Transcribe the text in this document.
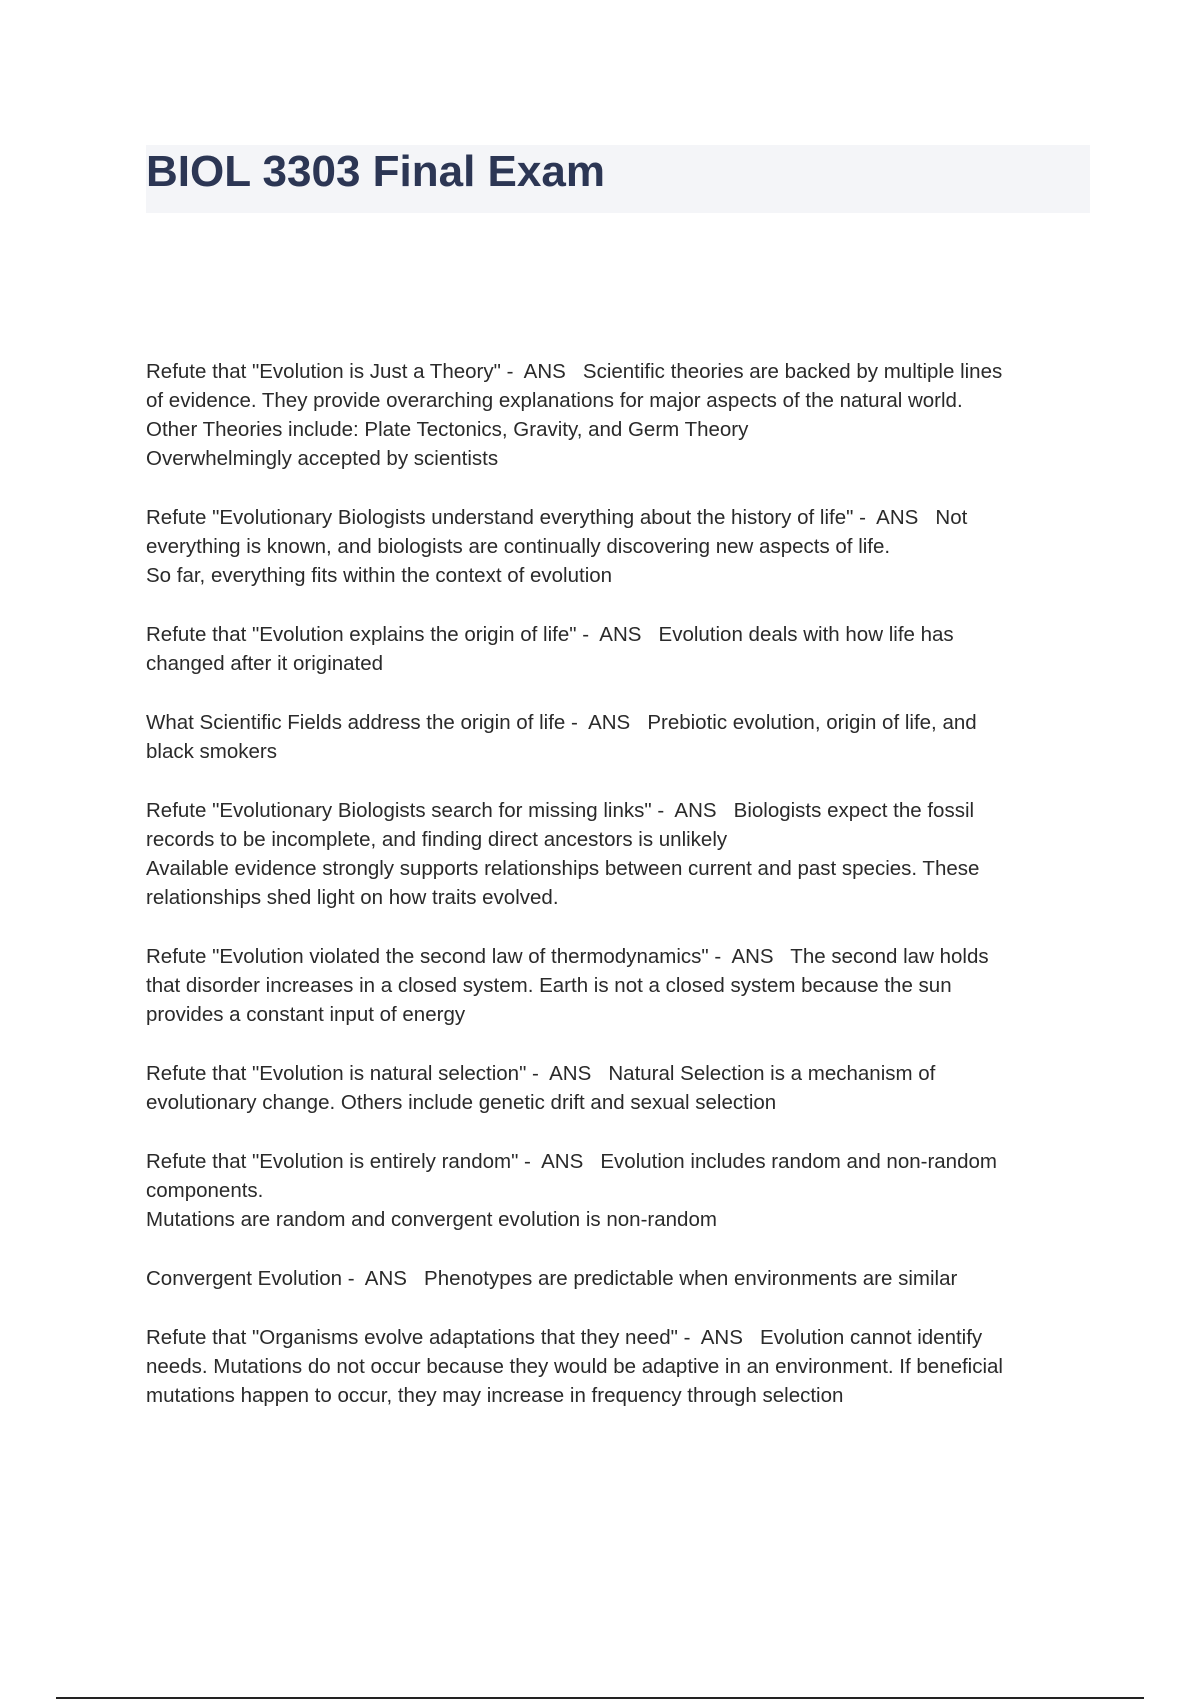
BIOL 3303 Final Exam
Refute that "Evolution is Just a Theory" -  ANS   Scientific theories are backed by multiple lines
of evidence. They provide overarching explanations for major aspects of the natural world.
Other Theories include: Plate Tectonics, Gravity, and Germ Theory
Overwhelmingly accepted by scientists
Refute "Evolutionary Biologists understand everything about the history of life" -  ANS   Not
everything is known, and biologists are continually discovering new aspects of life.
So far, everything fits within the context of evolution
Refute that "Evolution explains the origin of life" -  ANS   Evolution deals with how life has
changed after it originated
What Scientific Fields address the origin of life -  ANS   Prebiotic evolution, origin of life, and
black smokers
Refute "Evolutionary Biologists search for missing links" -  ANS   Biologists expect the fossil
records to be incomplete, and finding direct ancestors is unlikely
Available evidence strongly supports relationships between current and past species. These
relationships shed light on how traits evolved.
Refute "Evolution violated the second law of thermodynamics" -  ANS   The second law holds
that disorder increases in a closed system. Earth is not a closed system because the sun
provides a constant input of energy
Refute that "Evolution is natural selection" -  ANS   Natural Selection is a mechanism of
evolutionary change. Others include genetic drift and sexual selection
Refute that "Evolution is entirely random" -  ANS   Evolution includes random and non-random
components.
Mutations are random and convergent evolution is non-random
Convergent Evolution -  ANS   Phenotypes are predictable when environments are similar
Refute that "Organisms evolve adaptations that they need" -  ANS   Evolution cannot identify
needs. Mutations do not occur because they would be adaptive in an environment. If beneficial
mutations happen to occur, they may increase in frequency through selection
